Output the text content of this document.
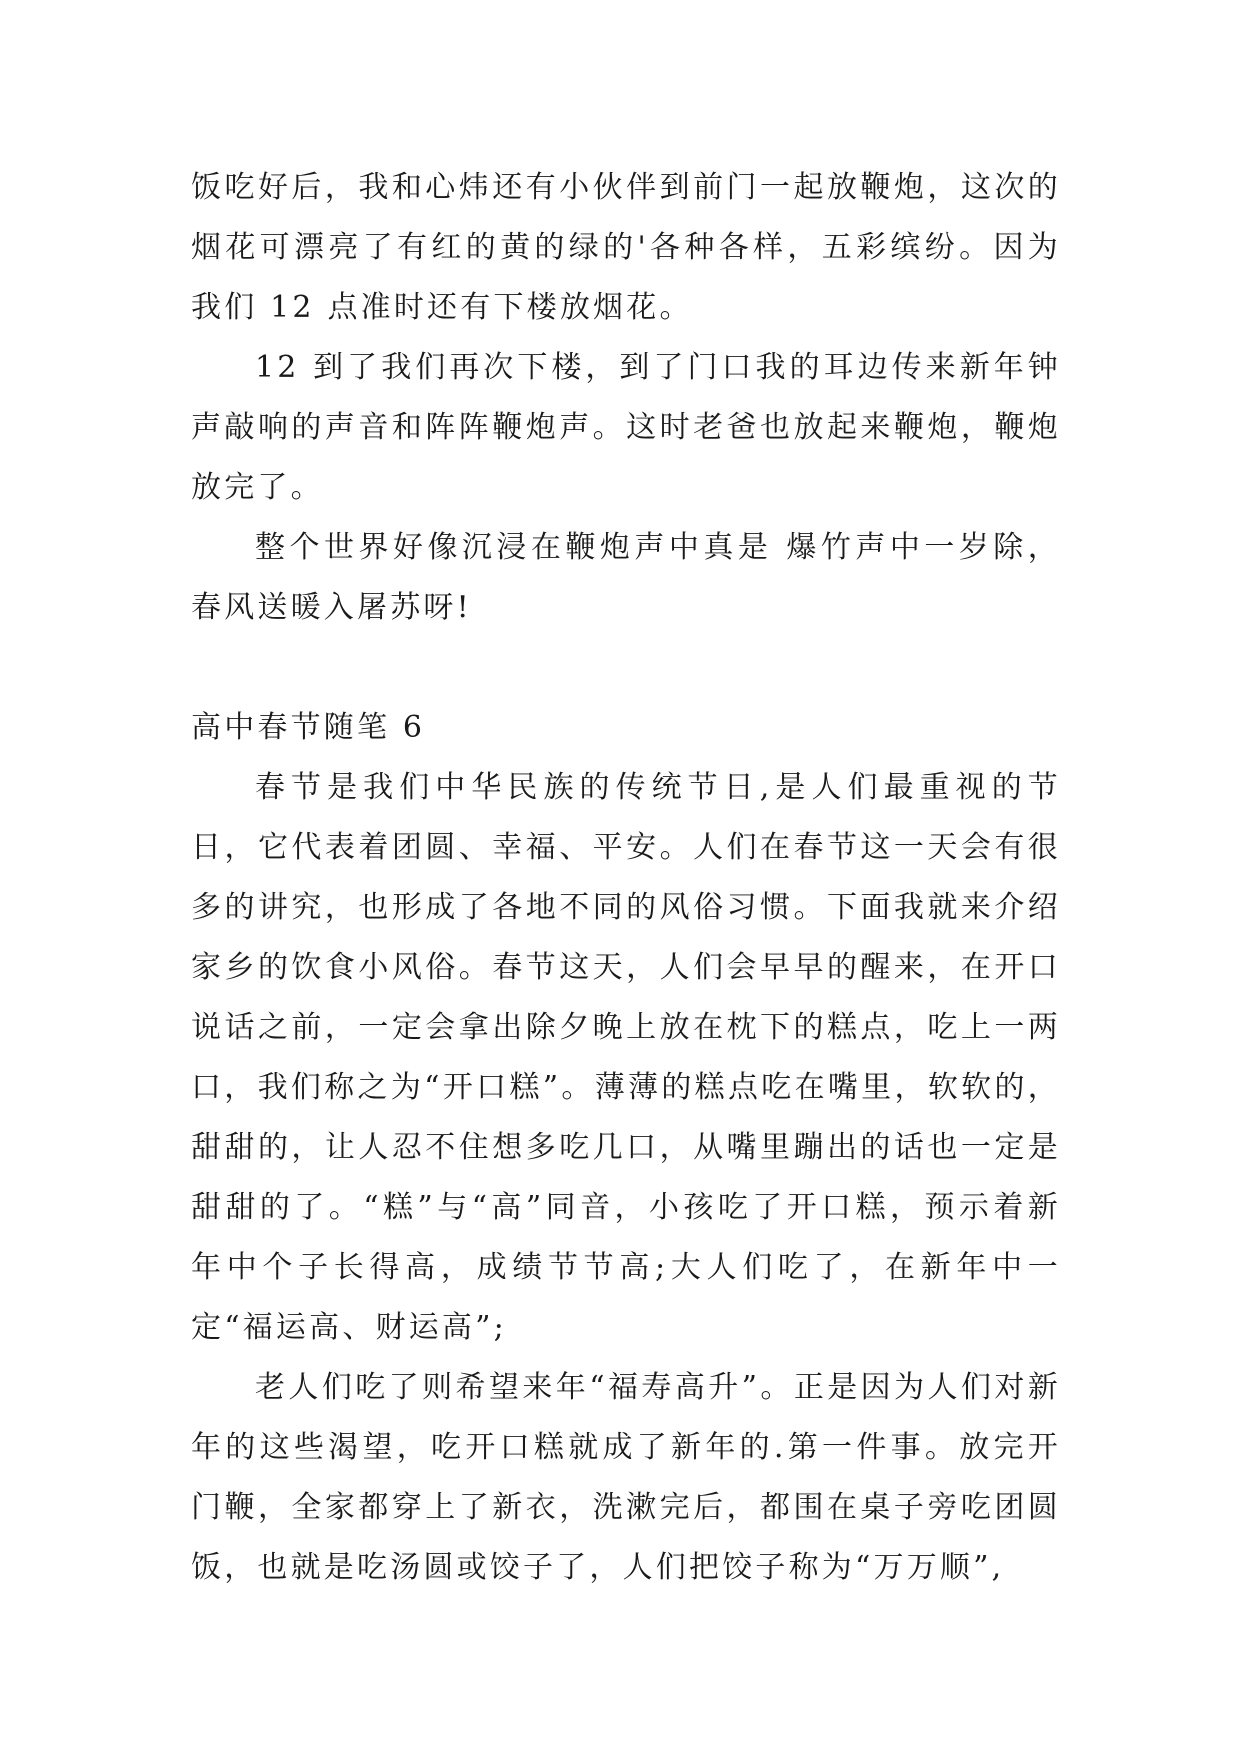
饭吃好后，我和心炜还有小伙伴到前门一起放鞭炮，这次的烟花可漂亮了有红的黄的绿的'各种各样，五彩缤纷。因为我们 12 点准时还有下楼放烟花。

12 到了我们再次下楼，到了门口我的耳边传来新年钟声敲响的声音和阵阵鞭炮声。这时老爸也放起来鞭炮，鞭炮放完了。

整个世界好像沉浸在鞭炮声中真是 爆竹声中一岁除，春风送暖入屠苏呀!

高中春节随笔 6

春节是我们中华民族的传统节日,是人们最重视的节日，它代表着团圆、幸福、平安。人们在春节这一天会有很多的讲究，也形成了各地不同的风俗习惯。下面我就来介绍家乡的饮食小风俗。春节这天，人们会早早的醒来，在开口说话之前，一定会拿出除夕晚上放在枕下的糕点，吃上一两口，我们称之为“开口糕”。薄薄的糕点吃在嘴里，软软的，甜甜的，让人忍不住想多吃几口，从嘴里蹦出的话也一定是甜甜的了。“糕”与“高”同音，小孩吃了开口糕，预示着新年中个子长得高，成绩节节高;大人们吃了，在新年中一定“福运高、财运高”;

老人们吃了则希望来年“福寿高升”。正是因为人们对新年的这些渴望，吃开口糕就成了新年的.第一件事。放完开门鞭，全家都穿上了新衣，洗漱完后，都围在桌子旁吃团圆饭，也就是吃汤圆或饺子了，人们把饺子称为“万万顺”,
